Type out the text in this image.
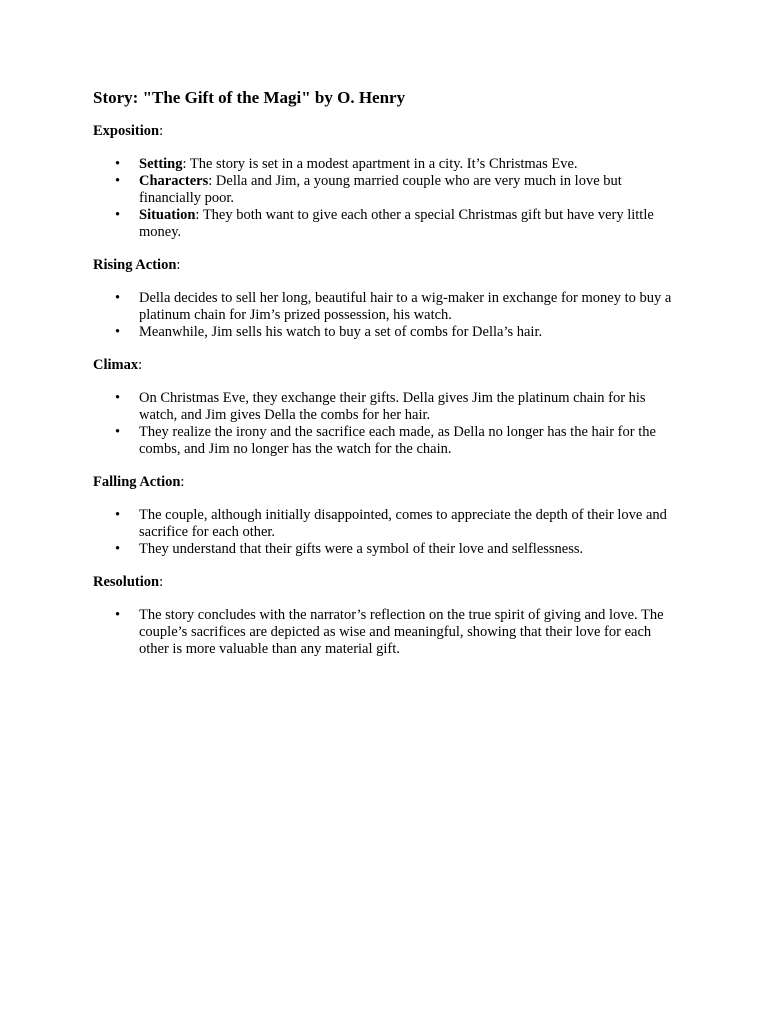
Story: "The Gift of the Magi" by O. Henry
Exposition:
• Setting: The story is set in a modest apartment in a city. It’s Christmas Eve.
• Characters: Della and Jim, a young married couple who are very much in love but financially poor.
• Situation: They both want to give each other a special Christmas gift but have very little money.
Rising Action:
• Della decides to sell her long, beautiful hair to a wig-maker in exchange for money to buy a platinum chain for Jim’s prized possession, his watch.
• Meanwhile, Jim sells his watch to buy a set of combs for Della’s hair.
Climax:
• On Christmas Eve, they exchange their gifts. Della gives Jim the platinum chain for his watch, and Jim gives Della the combs for her hair.
• They realize the irony and the sacrifice each made, as Della no longer has the hair for the combs, and Jim no longer has the watch for the chain.
Falling Action:
• The couple, although initially disappointed, comes to appreciate the depth of their love and sacrifice for each other.
• They understand that their gifts were a symbol of their love and selflessness.
Resolution:
• The story concludes with the narrator’s reflection on the true spirit of giving and love. The couple’s sacrifices are depicted as wise and meaningful, showing that their love for each other is more valuable than any material gift.
